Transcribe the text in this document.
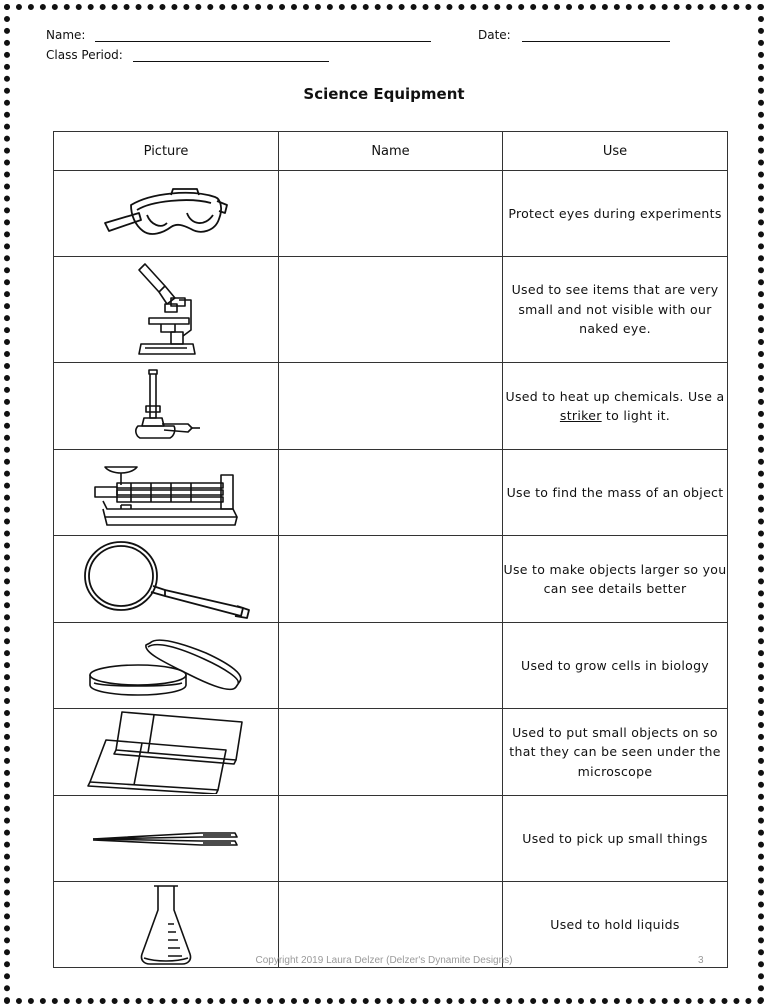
Name:	Date:
Class Period:
Science Equipment
Picture	Name	Use

		Protect eyes during experiments

		Used to see items that are very small and not visible with our naked eye.

		Used to heat up chemicals. Use a striker to light it.

		Use to find the mass of an object

		Use to make objects larger so you can see details better

		Used to grow cells in biology

		Used to put small objects on so that they can be seen under the microscope

		Used to pick up small things

		Used to hold liquids
Copyright 2019 Laura Delzer (Delzer's Dynamite Designs)	3
